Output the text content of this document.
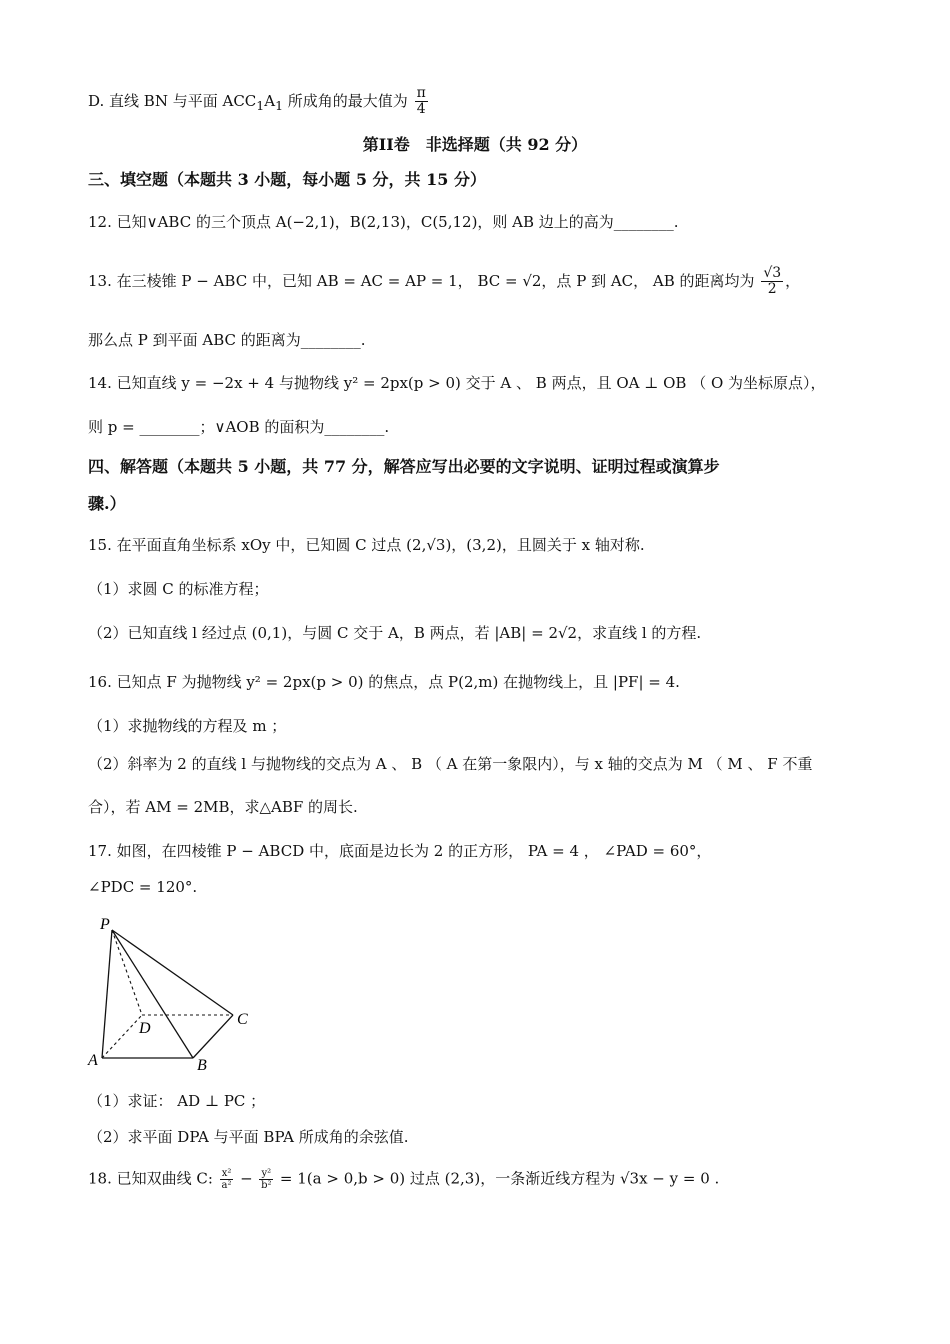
D. 直线 BN 与平面 $ACC_1A_1$ 所成角的最大值为 $\frac{\pi}{4}$
第II卷　非选择题（共 92 分）
三、填空题（本题共 3 小题，每小题 5 分，共 15 分）
12. 已知∨ABC 的三个顶点 A(−2,1)，B(2,13)，C(5,12)，则 AB 边上的高为________.
13. 在三棱锥 P − ABC 中，已知 AB = AC = AP = 1， BC = √2，点 P 到 AC， AB 的距离均为 $\frac{√3}{2}$ ，
那么点 P 到平面 ABC 的距离为________.
14. 已知直线 y = −2x + 4 与抛物线 y² = 2px(p > 0) 交于 A 、 B 两点，且 OA ⊥ OB （ O 为坐标原点），
则 p = ________；∨AOB 的面积为________.
四、解答题（本题共 5 小题，共 77 分，解答应写出必要的文字说明、证明过程或演算步
骤.）
15. 在平面直角坐标系 xOy 中，已知圆 C 过点 (2,√3)，(3,2)，且圆关于 x 轴对称.
（1）求圆 C 的标准方程；
（2）已知直线 l 经过点 (0,1)，与圆 C 交于 A，B 两点，若 |AB| = 2√2，求直线 l 的方程.
16. 已知点 F 为抛物线 y² = 2px(p > 0) 的焦点，点 P(2,m) 在抛物线上，且 |PF| = 4.
（1）求抛物线的方程及 m ；
（2）斜率为 2 的直线 l 与抛物线的交点为 A 、 B （ A 在第一象限内），与 x 轴的交点为 M （ M 、 F 不重
合），若 AM = 2MB，求△ABF 的周长.
17. 如图，在四棱锥 P − ABCD 中，底面是边长为 2 的正方形， PA = 4 ， ∠PAD = 60°，
∠PDC = 120°.
P
A	B
C
D
（1）求证： AD ⊥ PC ；
（2）求平面 DPA 与平面 BPA 所成角的余弦值.
18. 已知双曲线 C: $\frac{\text{x²}}{\text{a²}} - \frac{\text{y²}}{\text{b²}} = 1(a > 0,b > 0)$ 过点 (2,3)，一条渐近线方程为 √3x − y = 0 .
